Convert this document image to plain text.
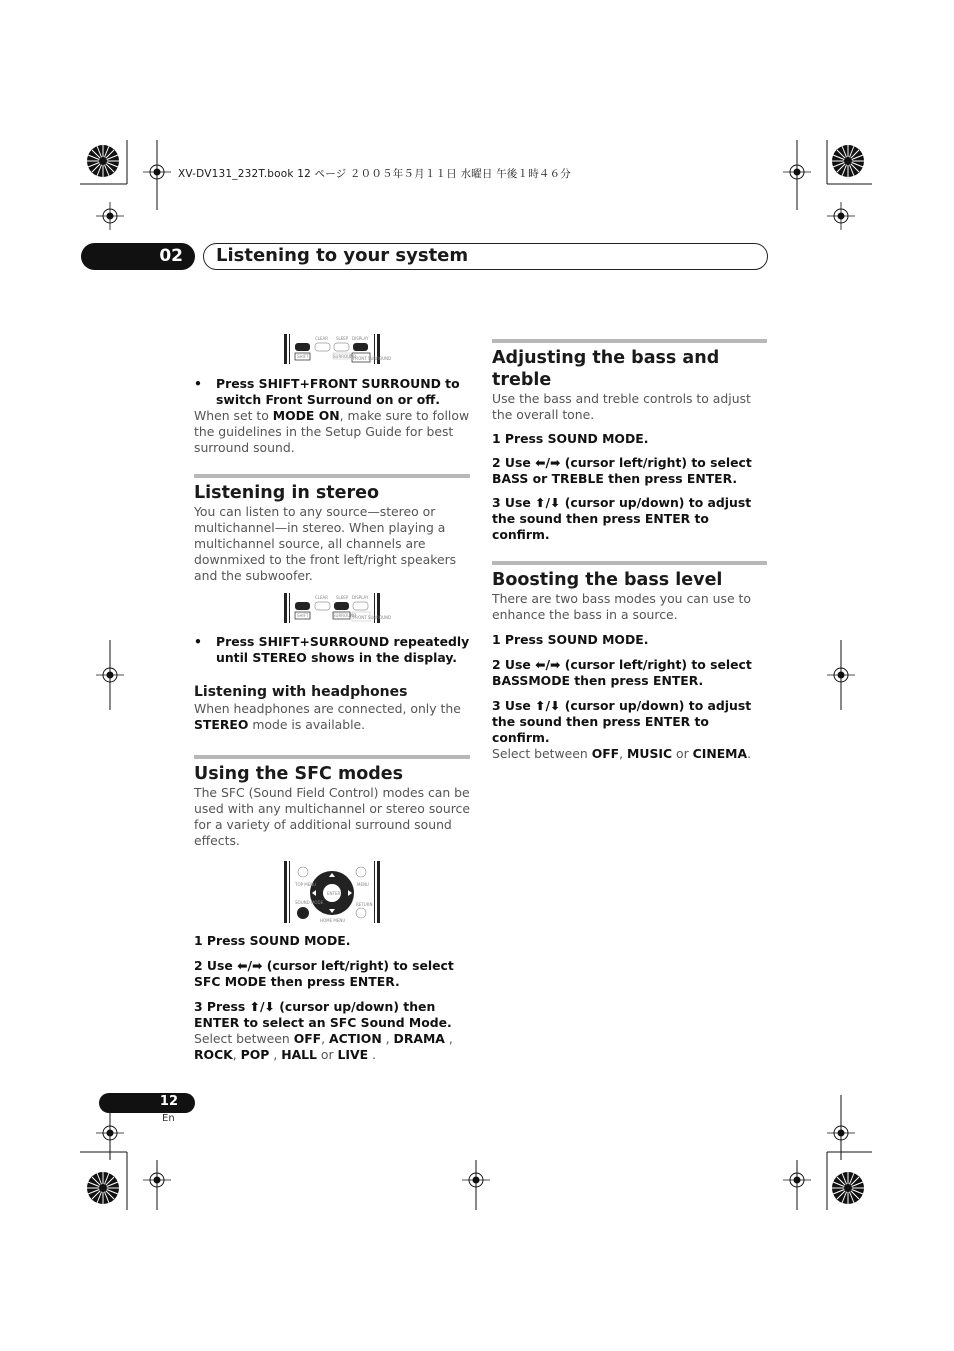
XV-DV131_232T.book 12 ページ ２００５年５月１１日 水曜日 午後１時４６分
02 Listening to your system
CLEAR SLEEP DISPLAY
SHIFT	SURROUND
FRONT SURROUND
•	Press SHIFT+FRONT SURROUND to switch Front Surround on or off.
When set to MODE ON, make sure to follow the guidelines in the Setup Guide for best surround sound.
Listening in stereo
You can listen to any source—stereo or multichannel—in stereo. When playing a multichannel source, all channels are downmixed to the front left/right speakers and the subwoofer.
CLEAR SLEEP DISPLAY
SHIFT	SURROUND
FRONT SURROUND
•	Press SHIFT+SURROUND repeatedly until STEREO shows in the display.
Listening with headphones
When headphones are connected, only the STEREO mode is available.
Using the SFC modes
The SFC (Sound Field Control) modes can be used with any multichannel or stereo source for a variety of additional surround sound effects.
SOUND MODE
ENTER
TOP MENU	MENU
RETURN
HOME MENU
1 Press SOUND MODE.
2 Use ⬅/➡ (cursor left/right) to select SFC MODE then press ENTER.
3 Press ⬆/⬇ (cursor up/down) then ENTER to select an SFC Sound Mode.
Select between OFF, ACTION , DRAMA , ROCK, POP , HALL or LIVE .
Adjusting the bass and treble
Use the bass and treble controls to adjust the overall tone.
1 Press SOUND MODE.
2 Use ⬅/➡ (cursor left/right) to select BASS or TREBLE then press ENTER.
3 Use ⬆/⬇ (cursor up/down) to adjust the sound then press ENTER to confirm.
Boosting the bass level
There are two bass modes you can use to enhance the bass in a source.
1 Press SOUND MODE.
2 Use ⬅/➡ (cursor left/right) to select BASSMODE then press ENTER.
3 Use ⬆/⬇ (cursor up/down) to adjust the sound then press ENTER to confirm.
Select between OFF, MUSIC or CINEMA.
12
En
